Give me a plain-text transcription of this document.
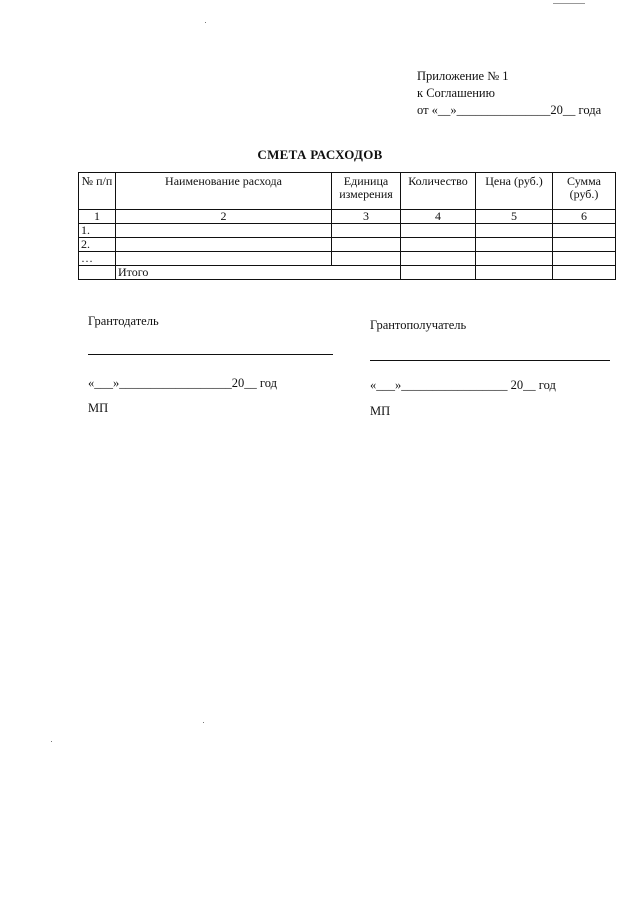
Приложение № 1
к Соглашению
от «__»_______________20__ года
СМЕТА РАСХОДОВ
№ п/п	Наименование расхода	Единица измерения	Количество	Цена (руб.)	Сумма (руб.)
1	2	3	4	5	6
1.					
2.					
…					
	Итого				
Грантодатель
«___»__________________20__ год
МП
Грантополучатель
«___»_________________ 20__ год
МП
